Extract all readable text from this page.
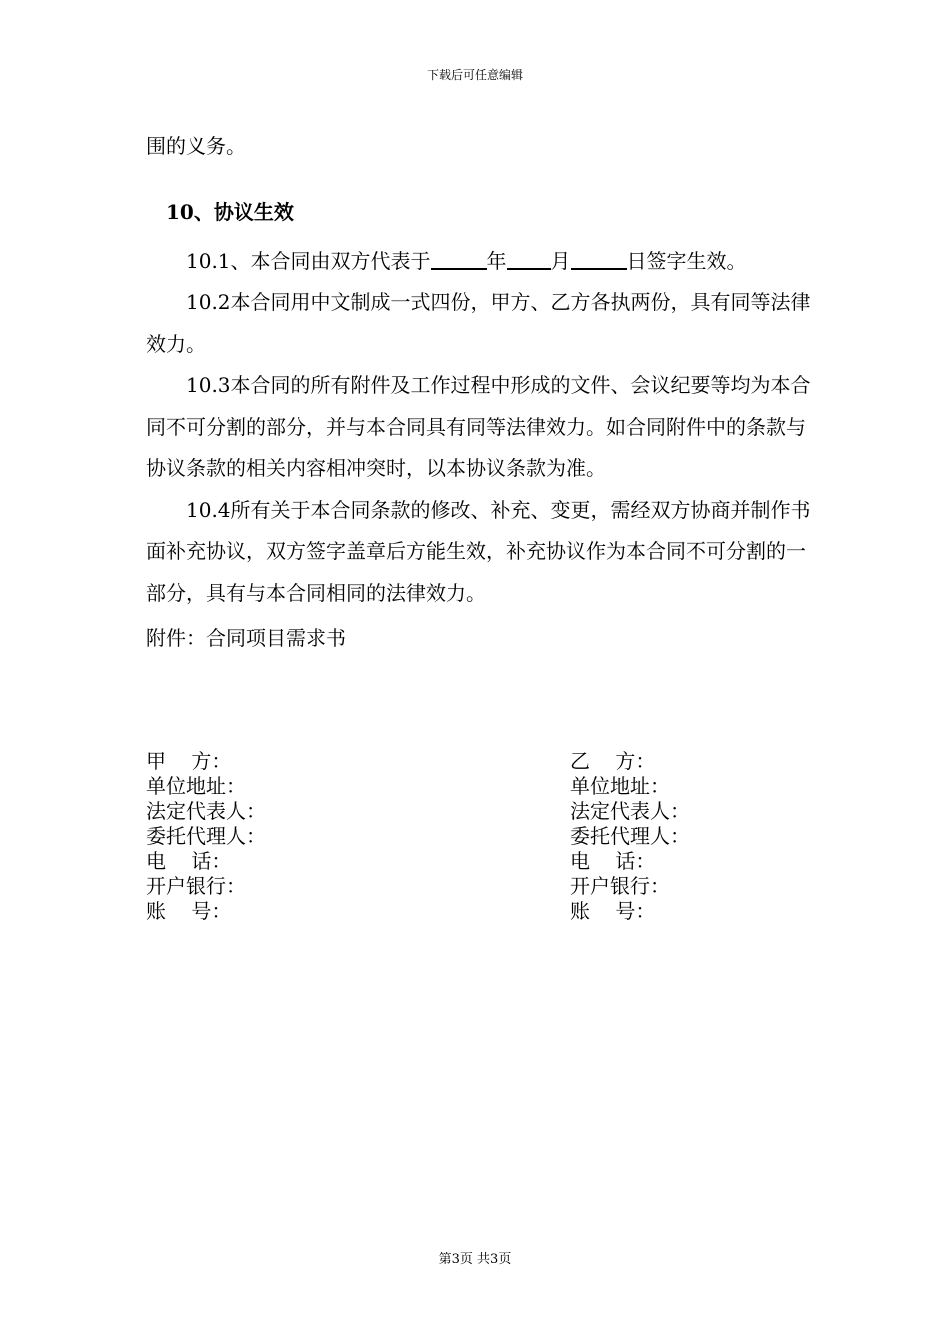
下载后可任意编辑

围的义务。

10、协议生效

10.1、本合同由双方代表于	年 月	日签字生效。

10.2本合同用中文制成一式四份，甲方、乙方各执两份，具有同等法律效力。

10.3本合同的所有附件及工作过程中形成的文件、会议纪要等均为本合同不可分割的部分，并与本合同具有同等法律效力。如合同附件中的条款与协议条款的相关内容相冲突时，以本协议条款为准。

10.4所有关于本合同条款的修改、补充、变更，需经双方协商并制作书面补充协议，双方签字盖章后方能生效，补充协议作为本合同不可分割的一部分，具有与本合同相同的法律效力。

附件：合同项目需求书

甲    方：
单位地址：
法定代表人：
委托代理人：
电    话：
开户银行：
账    号：
乙    方：
单位地址：
法定代表人：
委托代理人：
电    话：
开户银行：
账    号：
第3页 共3页
